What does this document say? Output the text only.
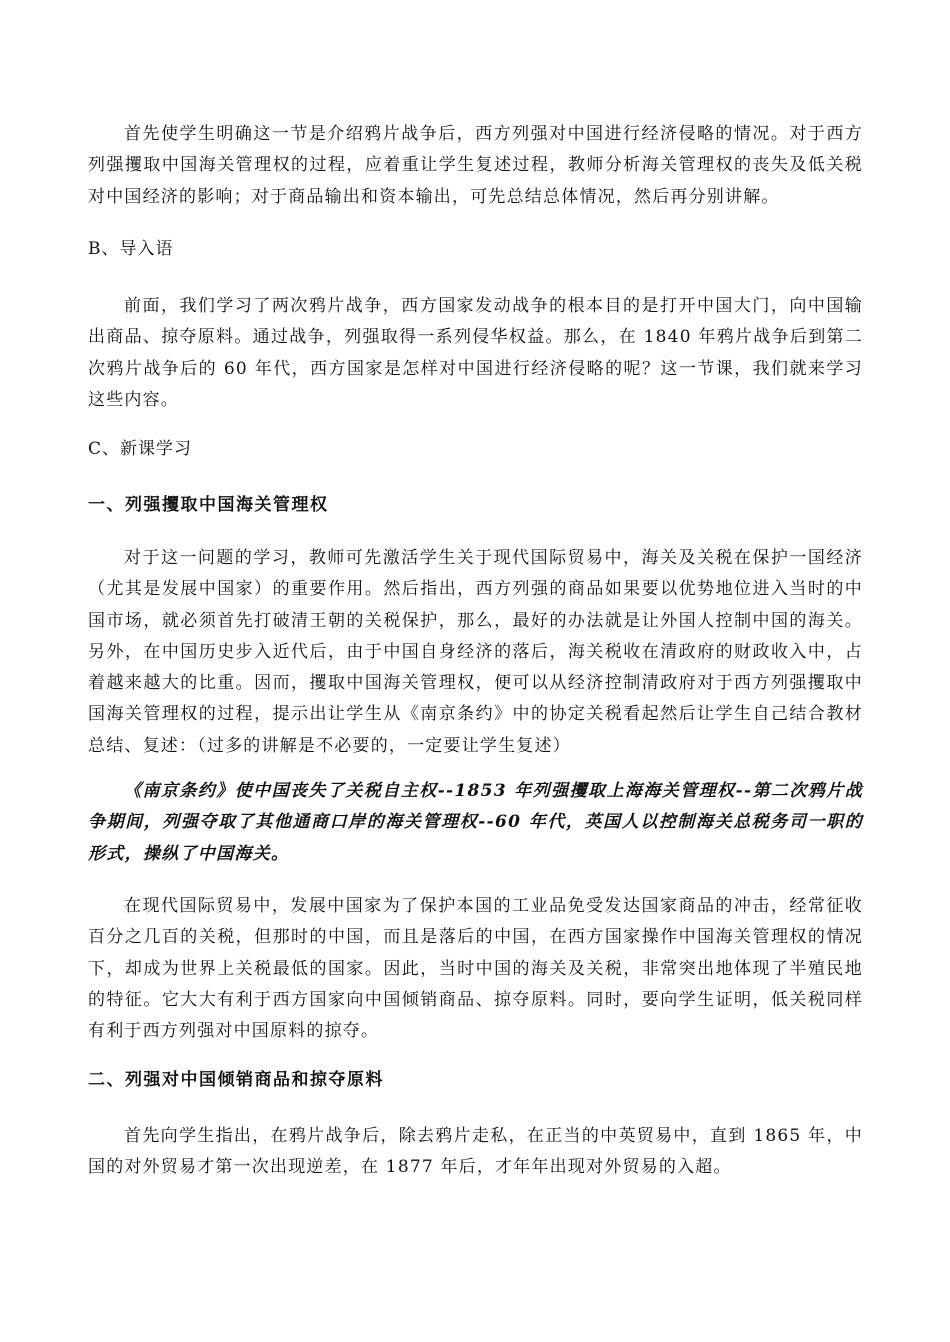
首先使学生明确这一节是介绍鸦片战争后，西方列强对中国进行经济侵略的情况。对于西方列强攫取中国海关管理权的过程，应着重让学生复述过程，教师分析海关管理权的丧失及低关税对中国经济的影响；对于商品输出和资本输出，可先总结总体情况，然后再分别讲解。

B、导入语

前面，我们学习了两次鸦片战争，西方国家发动战争的根本目的是打开中国大门，向中国输出商品、掠夺原料。通过战争，列强取得一系列侵华权益。那么，在 1840 年鸦片战争后到第二次鸦片战争后的 60 年代，西方国家是怎样对中国进行经济侵略的呢？这一节课，我们就来学习这些内容。

C、新课学习

一、列强攫取中国海关管理权

对于这一问题的学习，教师可先激活学生关于现代国际贸易中，海关及关税在保护一国经济（尤其是发展中国家）的重要作用。然后指出，西方列强的商品如果要以优势地位进入当时的中国市场，就必须首先打破清王朝的关税保护，那么，最好的办法就是让外国人控制中国的海关。另外，在中国历史步入近代后，由于中国自身经济的落后，海关税收在清政府的财政收入中，占着越来越大的比重。因而，攫取中国海关管理权，便可以从经济控制清政府对于西方列强攫取中国海关管理权的过程，提示出让学生从《南京条约》中的协定关税看起然后让学生自己结合教材总结、复述：（过多的讲解是不必要的，一定要让学生复述）

《南京条约》使中国丧失了关税自主权--1853 年列强攫取上海海关管理权--第二次鸦片战争期间，列强夺取了其他通商口岸的海关管理权--60 年代，英国人以控制海关总税务司一职的形式，操纵了中国海关。

在现代国际贸易中，发展中国家为了保护本国的工业品免受发达国家商品的冲击，经常征收百分之几百的关税，但那时的中国，而且是落后的中国，在西方国家操作中国海关管理权的情况下，却成为世界上关税最低的国家。因此，当时中国的海关及关税，非常突出地体现了半殖民地的特征。它大大有利于西方国家向中国倾销商品、掠夺原料。同时，要向学生证明，低关税同样有利于西方列强对中国原料的掠夺。

二、列强对中国倾销商品和掠夺原料

首先向学生指出，在鸦片战争后，除去鸦片走私，在正当的中英贸易中，直到 1865 年，中国的对外贸易才第一次出现逆差，在 1877 年后，才年年出现对外贸易的入超。
